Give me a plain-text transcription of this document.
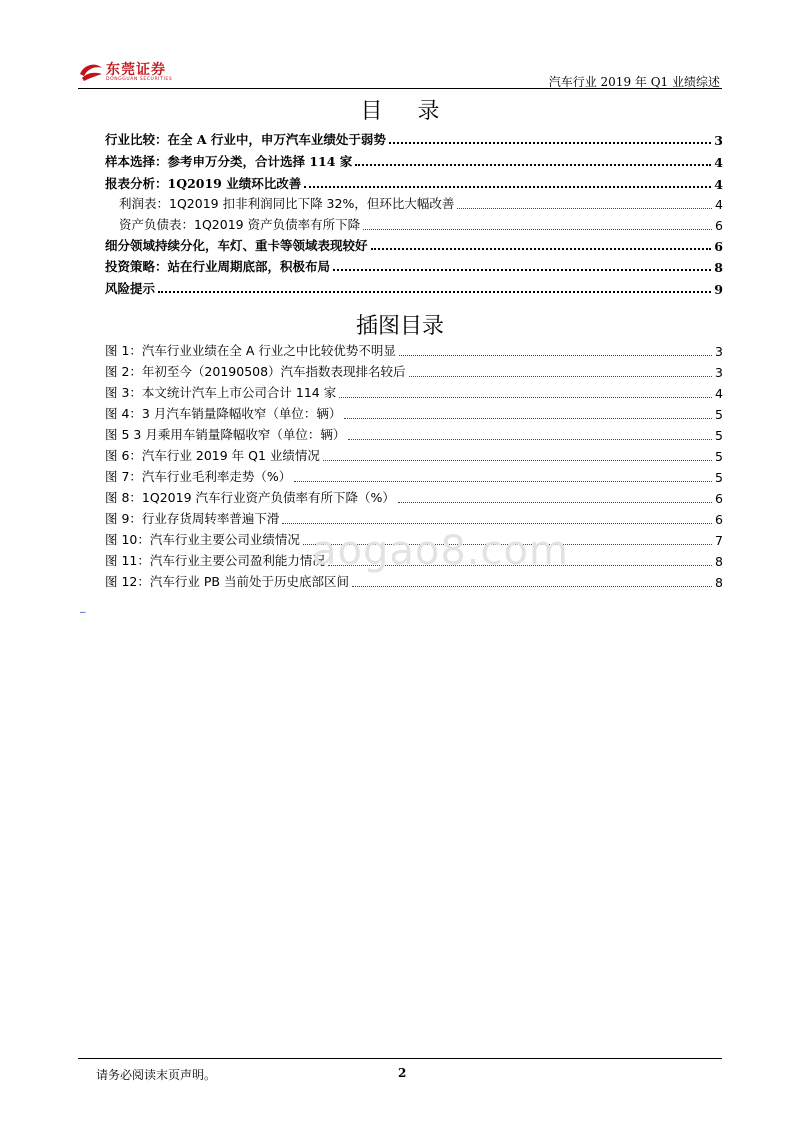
东莞证券
DONGGUAN SECURITIES	汽车行业 2019 年 Q1 业绩综述
目 录
行业比较：在全 A 行业中，申万汽车业绩处于弱势	3
样本选择：参考申万分类，合计选择 114 家	4
报表分析：1Q2019 业绩环比改善	4
利润表：1Q2019 扣非利润同比下降 32%，但环比大幅改善	4
资产负债表：1Q2019 资产负债率有所下降	6
细分领域持续分化，车灯、重卡等领域表现较好	6
投资策略：站在行业周期底部，积极布局	8
风险提示	9
插图目录
图 1：汽车行业业绩在全 A 行业之中比较优势不明显	3
图 2：年初至今（20190508）汽车指数表现排名较后	3
图 3：本文统计汽车上市公司合计 114 家	4
图 4：3 月汽车销量降幅收窄（单位：辆）	5
图 5 3 月乘用车销量降幅收窄（单位：辆）	5
图 6：汽车行业 2019 年 Q1 业绩情况	5
图 7：汽车行业毛利率走势（%）	5
图 8：1Q2019 汽车行业资产负债率有所下降（%）	6
图 9：行业存货周转率普遍下滑	6
图 10：汽车行业主要公司业绩情况	7
图 11：汽车行业主要公司盈利能力情况	8
图 12：汽车行业 PB 当前处于历史底部区间	8
aogao8.com
_
请务必阅读末页声明。	2
